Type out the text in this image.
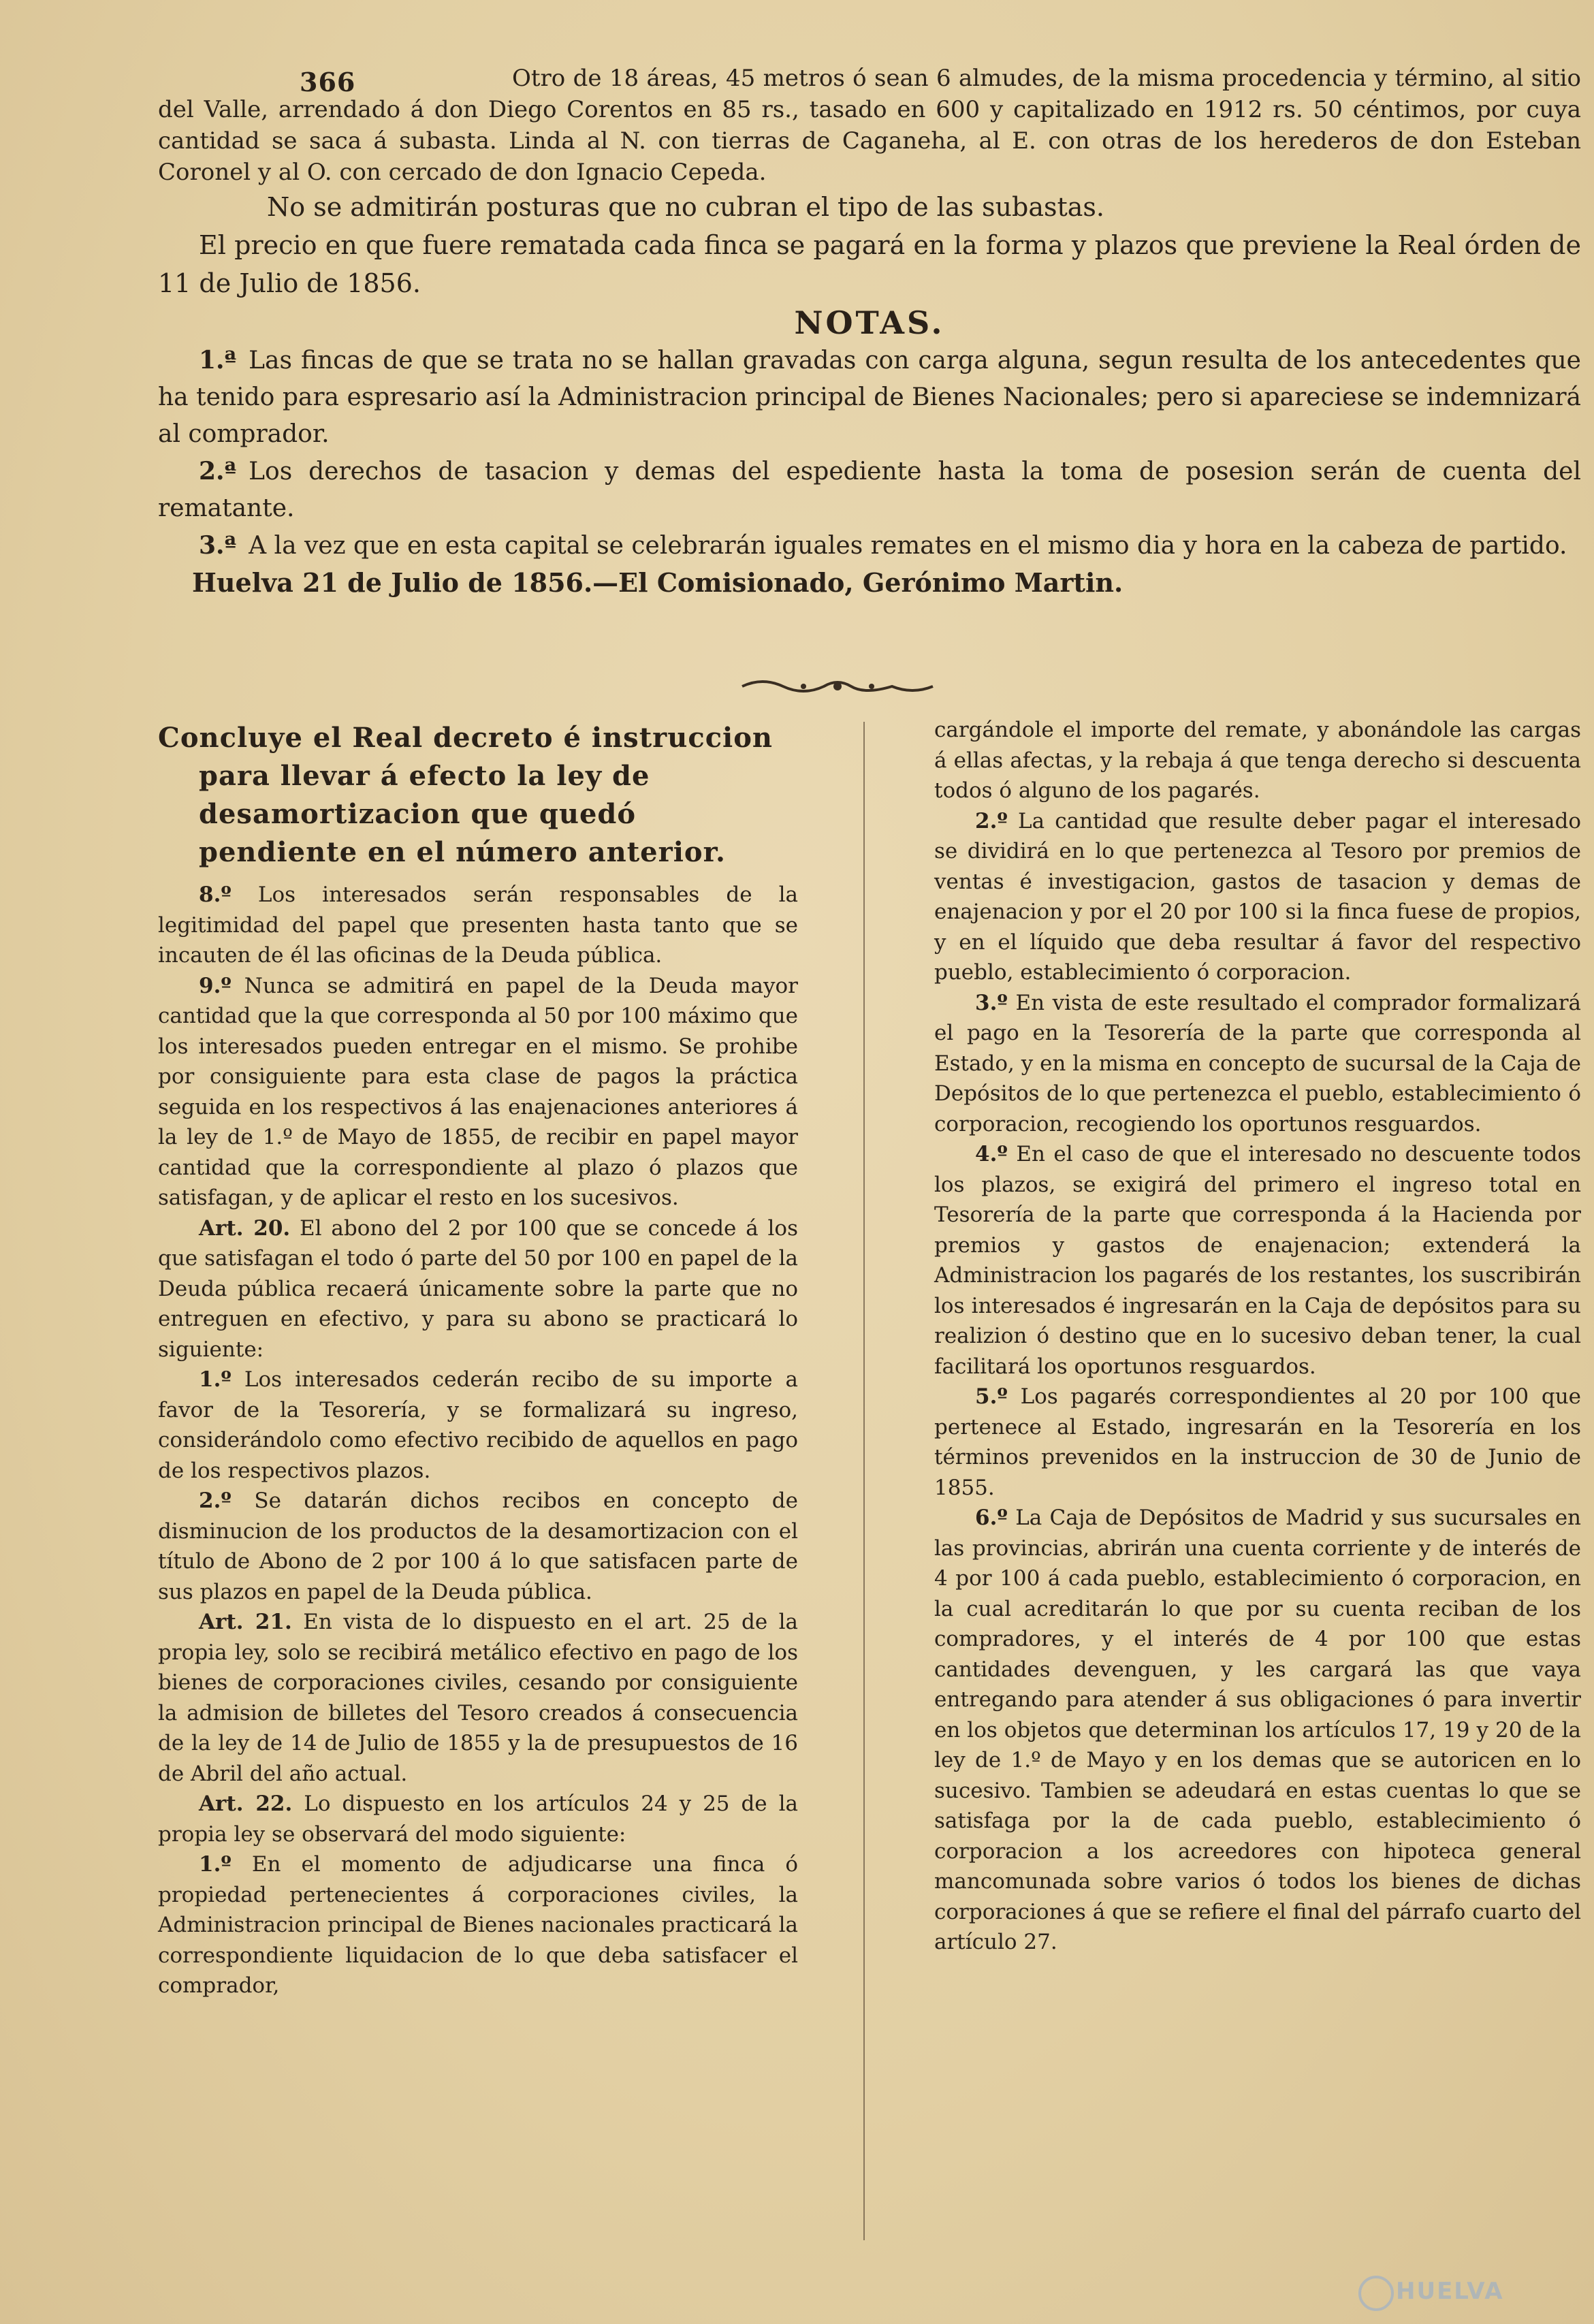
366	Otro de 18 áreas, 45 metros ó sean 6 almudes, de la misma procedencia y término, al sitio del Valle, arrendado á don Diego Corentos en 85 rs., tasado en 600 y capitalizado en 1912 rs. 50 céntimos, por cuya cantidad se saca á subasta. Linda al N. con tierras de Caganeha, al E. con otras de los herederos de don Esteban Coronel y al O. con cercado de don Ignacio Cepeda.

No se admitirán posturas que no cubran el tipo de las subastas.

El precio en que fuere rematada cada finca se pagará en la forma y plazos que previene la Real órden de 11 de Julio de 1856.

NOTAS.

1.ª Las fincas de que se trata no se hallan gravadas con carga alguna, segun resulta de los antecedentes que ha tenido para espresario así la Administracion principal de Bienes Nacionales; pero si apareciese se indemnizará al comprador.

2.ª Los derechos de tasacion y demas del espediente hasta la toma de posesion serán de cuenta del rematante.

3.ª A la vez que en esta capital se celebrarán iguales remates en el mismo dia y hora en la cabeza de partido.

Huelva 21 de Julio de 1856.—El Comisionado, Gerónimo Martin.

Concluye el Real decreto é instruccion para llevar á efecto la ley de desamortizacion que quedó pendiente en el número anterior.

8.º Los interesados serán responsables de la legitimidad del papel que presenten hasta tanto que se incauten de él las oficinas de la Deuda pública.

9.º Nunca se admitirá en papel de la Deuda mayor cantidad que la que corresponda al 50 por 100 máximo que los interesados pueden entregar en el mismo. Se prohibe por consiguiente para esta clase de pagos la práctica seguida en los respectivos á las enajenaciones anteriores á la ley de 1.º de Mayo de 1855, de recibir en papel mayor cantidad que la correspondiente al plazo ó plazos que satisfagan, y de aplicar el resto en los sucesivos.

Art. 20. El abono del 2 por 100 que se concede á los que satisfagan el todo ó parte del 50 por 100 en papel de la Deuda pública recaerá únicamente sobre la parte que no entreguen en efectivo, y para su abono se practicará lo siguiente:

1.º Los interesados cederán recibo de su importe a favor de la Tesorería, y se formalizará su ingreso, considerándolo como efectivo recibido de aquellos en pago de los respectivos plazos.

2.º Se datarán dichos recibos en concepto de disminucion de los productos de la desamortizacion con el título de Abono de 2 por 100 á lo que satisfacen parte de sus plazos en papel de la Deuda pública.

Art. 21. En vista de lo dispuesto en el art. 25 de la propia ley, solo se recibirá metálico efectivo en pago de los bienes de corporaciones civiles, cesando por consiguiente la admision de billetes del Tesoro creados á consecuencia de la ley de 14 de Julio de 1855 y la de presupuestos de 16 de Abril del año actual.

Art. 22. Lo dispuesto en los artículos 24 y 25 de la propia ley se observará del modo siguiente:

1.º En el momento de adjudicarse una finca ó propiedad pertenecientes á corporaciones civiles, la Administracion principal de Bienes nacionales practicará la correspondiente liquidacion de lo que deba satisfacer el comprador,

cargándole el importe del remate, y abonándole las cargas á ellas afectas, y la rebaja á que tenga derecho si descuenta todos ó alguno de los pagarés.

2.º La cantidad que resulte deber pagar el interesado se dividirá en lo que pertenezca al Tesoro por premios de ventas é investigacion, gastos de tasacion y demas de enajenacion y por el 20 por 100 si la finca fuese de propios, y en el líquido que deba resultar á favor del respectivo pueblo, establecimiento ó corporacion.

3.º En vista de este resultado el comprador formalizará el pago en la Tesorería de la parte que corresponda al Estado, y en la misma en concepto de sucursal de la Caja de Depósitos de lo que pertenezca el pueblo, establecimiento ó corporacion, recogiendo los oportunos resguardos.

4.º En el caso de que el interesado no descuente todos los plazos, se exigirá del primero el ingreso total en Tesorería de la parte que corresponda á la Hacienda por premios y gastos de enajenacion; extenderá la Administracion los pagarés de los restantes, los suscribirán los interesados é ingresarán en la Caja de depósitos para su realizion ó destino que en lo sucesivo deban tener, la cual facilitará los oportunos resguardos.

5.º Los pagarés correspondientes al 20 por 100 que pertenece al Estado, ingresarán en la Tesorería en los términos prevenidos en la instruccion de 30 de Junio de 1855.

6.º La Caja de Depósitos de Madrid y sus sucursales en las provincias, abrirán una cuenta corriente y de interés de 4 por 100 á cada pueblo, establecimiento ó corporacion, en la cual acreditarán lo que por su cuenta reciban de los compradores, y el interés de 4 por 100 que estas cantidades devenguen, y les cargará las que vaya entregando para atender á sus obligaciones ó para invertir en los objetos que determinan los artículos 17, 19 y 20 de la ley de 1.º de Mayo y en los demas que se autoricen en lo sucesivo. Tambien se adeudará en estas cuentas lo que se satisfaga por la de cada pueblo, establecimiento ó corporacion a los acreedores con hipoteca general mancomunada sobre varios ó todos los bienes de dichas corporaciones á que se refiere el final del párrafo cuarto del artículo 27.

HUELVA
